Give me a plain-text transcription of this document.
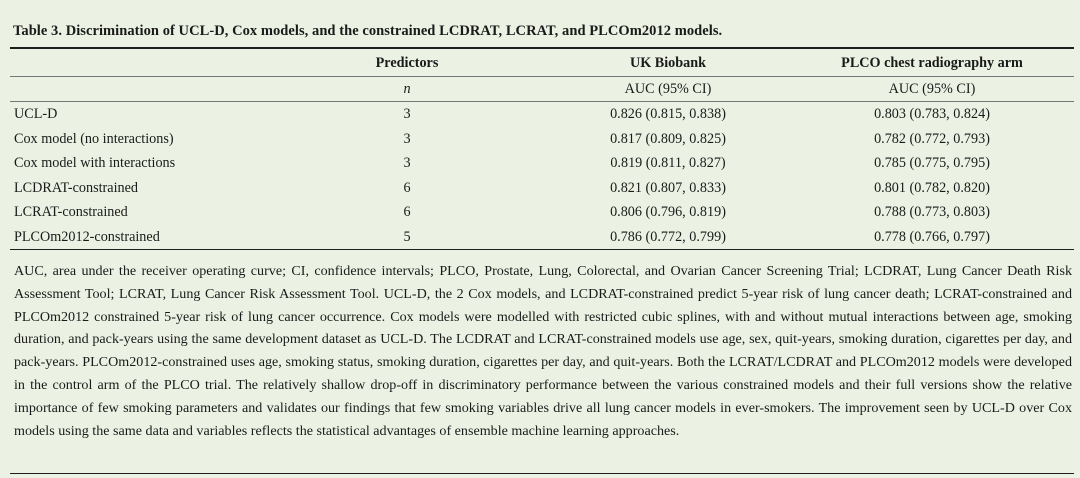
Table 3. Discrimination of UCL-D, Cox models, and the constrained LCDRAT, LCRAT, and PLCOm2012 models.
	Predictors	UK Biobank	PLCO chest radiography arm
	n	AUC (95% CI)	AUC (95% CI)
UCL-D	3	0.826 (0.815, 0.838)	0.803 (0.783, 0.824)
Cox model (no interactions)	3	0.817 (0.809, 0.825)	0.782 (0.772, 0.793)
Cox model with interactions	3	0.819 (0.811, 0.827)	0.785 (0.775, 0.795)
LCDRAT-constrained	6	0.821 (0.807, 0.833)	0.801 (0.782, 0.820)
LCRAT-constrained	6	0.806 (0.796, 0.819)	0.788 (0.773, 0.803)
PLCOm2012-constrained	5	0.786 (0.772, 0.799)	0.778 (0.766, 0.797)
AUC, area under the receiver operating curve; CI, confidence intervals; PLCO, Prostate, Lung, Colorectal, and Ovarian Cancer Screening Trial; LCDRAT, Lung Cancer Death Risk Assessment Tool; LCRAT, Lung Cancer Risk Assessment Tool. UCL-D, the 2 Cox models, and LCDRAT-constrained predict 5-year risk of lung cancer death; LCRAT-constrained and PLCOm2012 constrained 5-year risk of lung cancer occurrence. Cox models were modelled with restricted cubic splines, with and without mutual interactions between age, smoking duration, and pack-years using the same development dataset as UCL-D. The LCDRAT and LCRAT-constrained models use age, sex, quit-years, smoking duration, cigarettes per day, and pack-years. PLCOm2012-constrained uses age, smoking status, smoking duration, cigarettes per day, and quit-years. Both the LCRAT/LCDRAT and PLCOm2012 models were developed in the control arm of the PLCO trial. The relatively shallow drop-off in discriminatory performance between the various constrained models and their full versions show the relative importance of few smoking parameters and validates our findings that few smoking variables drive all lung cancer models in ever-smokers. The improvement seen by UCL-D over Cox models using the same data and variables reflects the statistical advantages of ensemble machine learning approaches.
